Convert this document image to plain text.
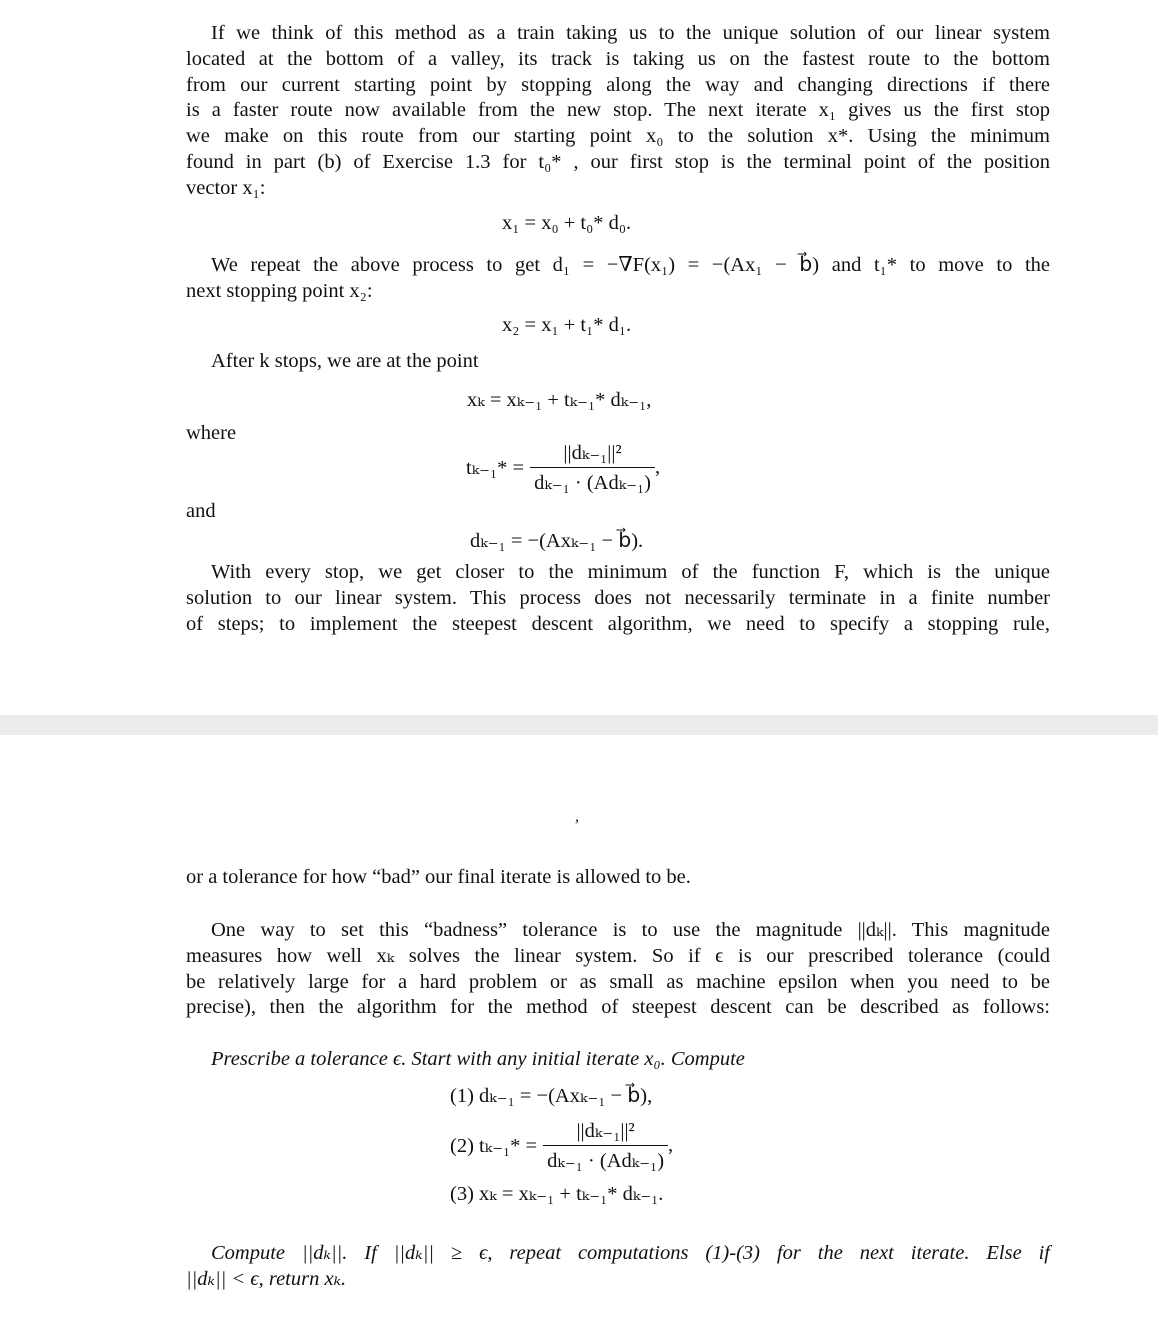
If we think of this method as a train taking us to the unique solution of our linear system
located at the bottom of a valley, its track is taking us on the fastest route to the bottom
from our current starting point by stopping along the way and changing directions if there
is a faster route now available from the new stop. The next iterate x₁ gives us the first stop
we make on this route from our starting point x₀ to the solution x*. Using the minimum
found in part (b) of Exercise 1.3 for t₀* , our first stop is the terminal point of the position
vector x₁:
x₁ = x₀ + t₀* d₀.
We repeat the above process to get d₁ = −∇F(x₁) = −(Ax₁ − b⃗) and t₁* to move to the
next stopping point x₂:
x₂ = x₁ + t₁* d₁.
After k stops, we are at the point
xₖ = xₖ₋₁ + tₖ₋₁* dₖ₋₁,
where
$t_{k-1}* = \frac{\text{||dₖ₋₁||²}}{\text{dₖ₋₁ · (Adₖ₋₁)}}$ ,
and
dₖ₋₁ = −(Axₖ₋₁ − b⃗).
With every stop, we get closer to the minimum of the function F, which is the unique
solution to our linear system. This process does not necessarily terminate in a finite number
of steps; to implement the steepest descent algorithm, we need to specify a stopping rule,
,
or a tolerance for how “bad” our final iterate is allowed to be.
One way to set this “badness” tolerance is to use the magnitude ||dₖ||. This magnitude
measures how well xₖ solves the linear system. So if ϵ is our prescribed tolerance (could
be relatively large for a hard problem or as small as machine epsilon when you need to be
precise), then the algorithm for the method of steepest descent can be described as follows:
Prescribe a tolerance ϵ. Start with any initial iterate x₀. Compute
(1) dₖ₋₁ = −(Axₖ₋₁ − b⃗),
(2) $t_{k-1}* = \frac{\text{||dₖ₋₁||²}}{\text{dₖ₋₁ · (Adₖ₋₁)}}$ ,
(3) xₖ = xₖ₋₁ + tₖ₋₁* dₖ₋₁.
Compute ||dₖ||. If ||dₖ|| ≥ ϵ, repeat computations (1)-(3) for the next iterate. Else if
||dₖ|| < ϵ, return xₖ.
